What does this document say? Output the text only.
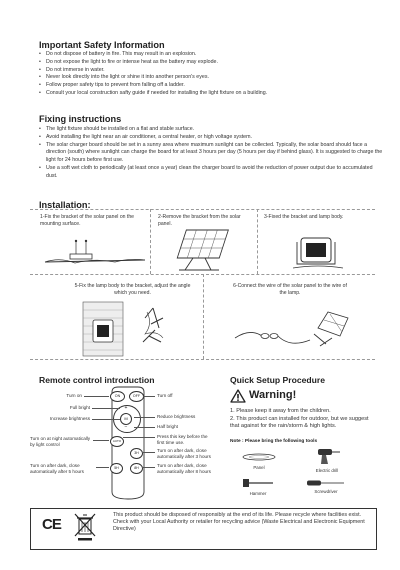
Important Safety Information
• Do not dispose of battery in fire. This may result in an explosion.
• Do not expose the light to fire or intense heat as the battery may explode.
• Do not immerse in water.
• Never look directly into the light or shine it into another person's eyes.
• Follow proper safety tips to prevent from falling off a ladder.
• Consult your local construction safty guide if needed for installing the light fixture on a building.
Fixing instructions
• The light fixture should be installed on a flat and stable surface.
• Avoid installing the light near an air conditioner, a central heater, or high voltage system.
• The solar charger board should be set in a sunny area where maximum sunlight can be collected. Typically, the solar board should face a direction (south) where sunlight can charge the board for at least 3 hours per day (5 hours per day if behind glass). It is suggested to charge the light for 24 hours before first use.
• Use a soft wet cloth to periodically (at least once a year) clean the charger board to avoid the reduction of power output due to accumulated dust.
Installation:
1-Fix the bracket of the solar panel on the mounting surface.
2-Remove the bracket from the solar panel.
3-Fixed the bracket and lamp body.
5-Fix the lamp body to the bracket, adjust the angle which you need.
6-Connect the wire of the solar panel to the wire of the lamp.
Remote control introduction
ON	OFF
+
M
−
AUTO
3H
5H	8H
Turn on
Full bright
Increase brightness
Turn on at night automatically by light control
Turn on after dark, close automatically after 5 hours
Turn off
Reduce brightness
Half bright
Press this key before the first time use.
Turn on after dark, close automatically after 3 hours
Turn on after dark, close automatically after 8 hours
Quick Setup Procedure
Warning!
1. Please keep it away from the children.
2. This product can installed for outdoor, but we suggest that against for the rain/storm & high lights.
Note : Please bring the following tools
Panel
Electric drill
Hammer	Screwdriver
CE
This product should be disposed of responsibly at the end of its life. Please recycle where facilities exist. Check with your Local Authority or retailer for recycling advice (Waste Electrical and Electronic Equipment Directive)
